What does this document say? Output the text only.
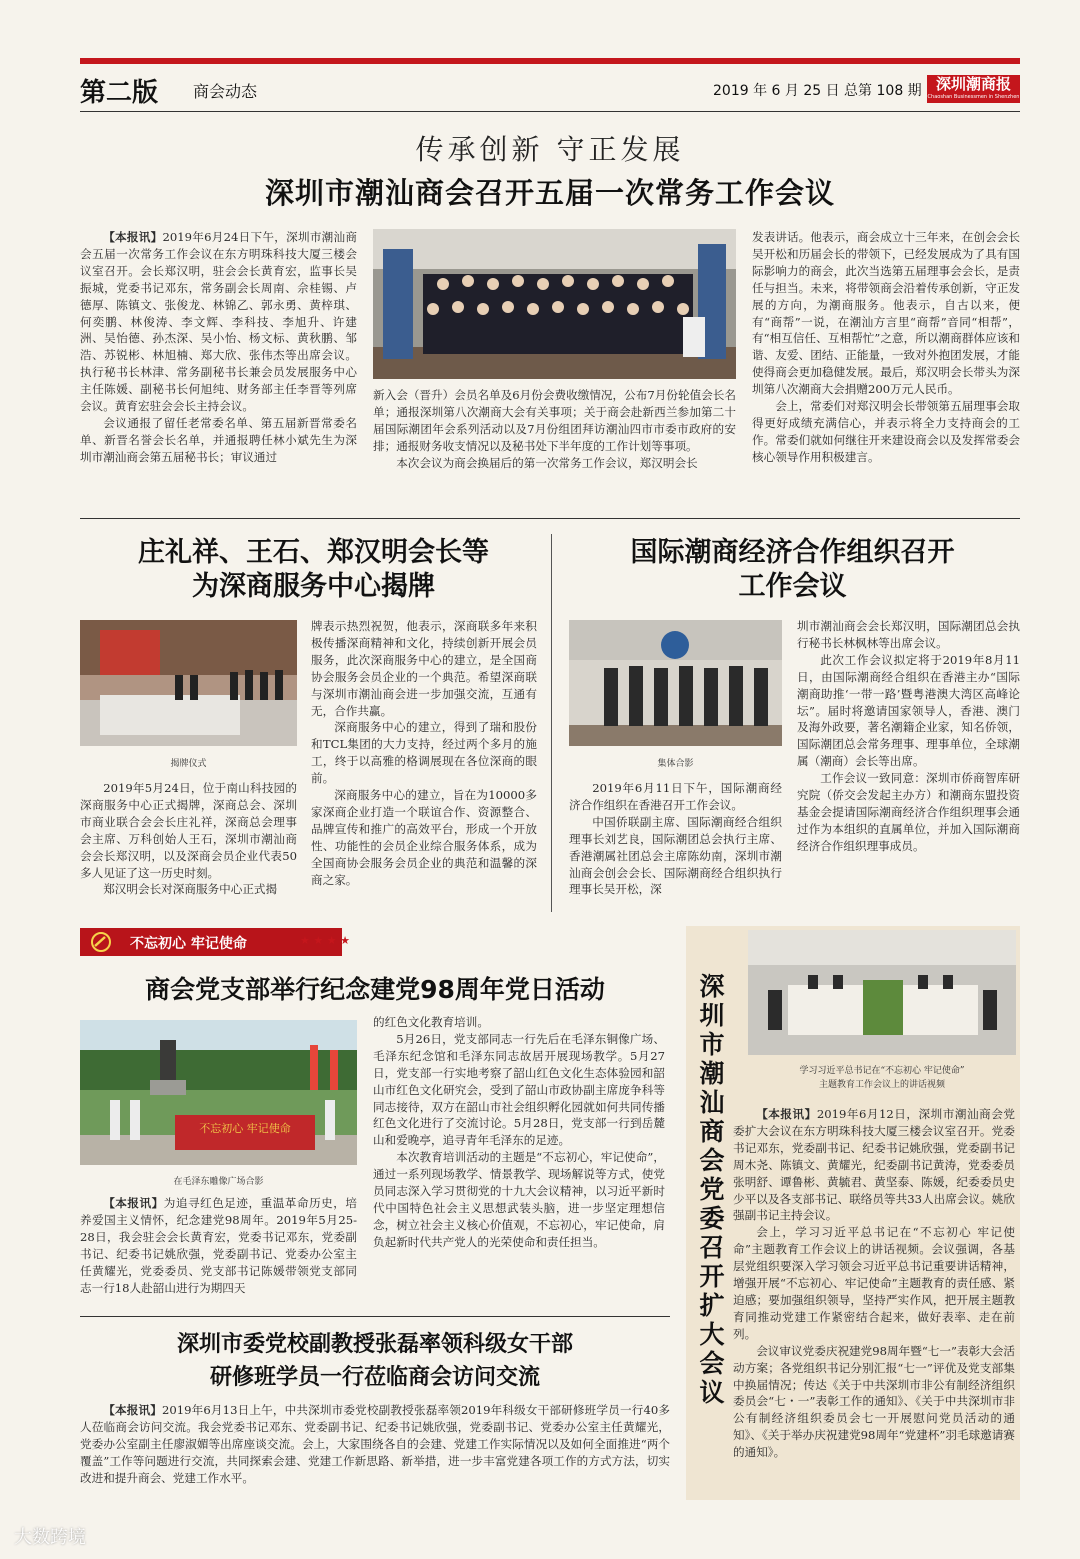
第二版 商会动态	2019 年 6 月 25 日 总第 108 期 深圳潮商报
Chaoshan Businessmen in Shenzhen
传承创新 守正发展
深圳市潮汕商会召开五届一次常务工作会议

【本报讯】2019年6月24日下午，深圳市潮汕商会五届一次常务工作会议在东方明珠科技大厦三楼会议室召开。会长郑汉明，驻会会长黄育宏，监事长吴振城，党委书记邓东，常务副会长周南、佘桂锡、卢德厚、陈镇文、张俊龙、林锦乙、郭永勇、黄梓琪、何奕鹏、林俊涛、李文辉、李科技、李旭升、许建洲、吴怡德、孙杰深、吴小怡、杨文标、黄秋鹏、邹浩、苏锐彬、林旭楠、郑大欣、张伟杰等出席会议。执行秘书长林津、常务副秘书长兼会员发展服务中心主任陈媛、副秘书长何旭纯、财务部主任李晋等列席会议。黄育宏驻会会长主持会议。

会议通报了留任老常委名单、第五届新晋常委名单、新晋名誉会长名单，并通报聘任林小斌先生为深圳市潮汕商会第五届秘书长；审议通过

新入会（晋升）会员名单及6月份会费收缴情况，公布7月份轮值会长名单；通报深圳第八次潮商大会有关事项；关于商会赴新西兰参加第二十届国际潮团年会系列活动以及7月份组团拜访潮汕四市市委市政府的安排；通报财务收支情况以及秘书处下半年度的工作计划等事项。

本次会议为商会换届后的第一次常务工作会议，郑汉明会长

发表讲话。他表示，商会成立十三年来，在创会会长吴开松和历届会长的带领下，已经发展成为了具有国际影响力的商会，此次当选第五届理事会会长，是责任与担当。未来，将带领商会沿着传承创新，守正发展的方向，为潮商服务。他表示，自古以来，便有“商帮”一说，在潮汕方言里“商帮”音同“相帮”，有“相互信任、互相帮忙”之意，所以潮商群体应该和谐、友爱、团结、正能量，一致对外抱团发展，才能使得商会更加稳健发展。最后，郑汉明会长带头为深圳第八次潮商大会捐赠200万元人民币。

会上，常委们对郑汉明会长带领第五届理事会取得更好成绩充满信心，并表示将全力支持商会的工作。常委们就如何继往开来建设商会以及发挥常委会核心领导作用积极建言。

庄礼祥、王石、郑汉明会长等
为深商服务中心揭牌
揭牌仪式

2019年5月24日，位于南山科技园的深商服务中心正式揭牌，深商总会、深圳市商业联合会会长庄礼祥，深商总会理事会主席、万科创始人王石，深圳市潮汕商会会长郑汉明，以及深商会员企业代表50多人见证了这一历史时刻。

郑汉明会长对深商服务中心正式揭

牌表示热烈祝贺，他表示，深商联多年来积极传播深商精神和文化，持续创新开展会员服务，此次深商服务中心的建立，是全国商协会服务会员企业的一个典范。希望深商联与深圳市潮汕商会进一步加强交流，互通有无，合作共赢。

深商服务中心的建立，得到了瑞和股份和TCL集团的大力支持，经过两个多月的施工，终于以高雅的格调展现在各位深商的眼前。

深商服务中心的建立，旨在为10000多家深商企业打造一个联谊合作、资源整合、品牌宣传和推广的高效平台，形成一个开放性、功能性的会员企业综合服务体系，成为全国商协会服务会员企业的典范和温馨的深商之家。

国际潮商经济合作组织召开
工作会议
集体合影

2019年6月11日下午，国际潮商经济合作组织在香港召开工作会议。

中国侨联副主席、国际潮商经合组织理事长刘艺良，国际潮团总会执行主席、香港潮属社团总会主席陈幼南，深圳市潮汕商会创会会长、国际潮商经合组织执行理事长吴开松，深

圳市潮汕商会会长郑汉明，国际潮团总会执行秘书长林枫林等出席会议。

此次工作会议拟定将于2019年8月11日，由国际潮商经合组织在香港主办“国际潮商助推‘一带一路’暨粤港澳大湾区高峰论坛”。届时将邀请国家领导人，香港、澳门及海外政要，著名潮籍企业家，知名侨领，国际潮团总会常务理事、理事单位，全球潮属（潮商）会长等出席。

工作会议一致同意：深圳市侨商智库研究院（侨交会发起主办方）和潮商东盟投资基金会提请国际潮商经济合作组织理事会通过作为本组织的直属单位，并加入国际潮商经济合作组织理事成员。

不忘初心 牢记使命	★ ★ ★ ★
商会党支部举行纪念建党98周年党日活动
不忘初心 牢记使命
在毛泽东雕像广场合影

【本报讯】为追寻红色足迹，重温革命历史，培养爱国主义情怀，纪念建党98周年。2019年5月25-28日，我会驻会会长黄育宏，党委书记邓东，党委副书记、纪委书记姚欣强，党委副书记、党委办公室主任黄耀光，党委委员、党支部书记陈媛带领党支部同志一行18人赴韶山进行为期四天

的红色文化教育培训。

5月26日，党支部同志一行先后在毛泽东铜像广场、毛泽东纪念馆和毛泽东同志故居开展现场教学。5月27日，党支部一行实地考察了韶山红色文化生态体验园和韶山市红色文化研究会，受到了韶山市政协副主席庞争科等同志接待，双方在韶山市社会组织孵化园就如何共同传播红色文化进行了交流讨论。5月28日，党支部一行到岳麓山和爱晚亭，追寻青年毛泽东的足迹。

本次教育培训活动的主题是“不忘初心，牢记使命”，通过一系列现场教学、情景教学、现场解说等方式，使党员同志深入学习贯彻党的十九大会议精神，以习近平新时代中国特色社会主义思想武装头脑，进一步坚定理想信念，树立社会主义核心价值观，不忘初心，牢记使命，肩负起新时代共产党人的光荣使命和责任担当。

深圳市委党校副教授张磊率领科级女干部
研修班学员一行莅临商会访问交流

【本报讯】2019年6月13日上午，中共深圳市委党校副教授张磊率领2019年科级女干部研修班学员一行40多人莅临商会访问交流。我会党委书记邓东、党委副书记、纪委书记姚欣强，党委副书记、党委办公室主任黄耀光，党委办公室副主任廖淑媚等出席座谈交流。会上，大家围绕各自的会建、党建工作实际情况以及如何全面推进“两个覆盖”工作等问题进行交流，共同探索会建、党建工作新思路、新举措，进一步丰富党建各项工作的方式方法，切实改进和提升商会、党建工作水平。

深圳市潮汕商会党委召开扩大会议
学习习近平总书记在“不忘初心 牢记使命”
主题教育工作会议上的讲话视频

【本报讯】2019年6月12日，深圳市潮汕商会党委扩大会议在东方明珠科技大厦三楼会议室召开。党委书记邓东，党委副书记、纪委书记姚欣强，党委副书记周木尧、陈镇文、黄耀光，纪委副书记黄涛，党委委员张明舒、谭鲁彬、黄毓君、黄坚泰、陈媛，纪委委员史少平以及各支部书记、联络员等共33人出席会议。姚欣强副书记主持会议。

会上，学习习近平总书记在“不忘初心 牢记使命”主题教育工作会议上的讲话视频。会议强调，各基层党组织要深入学习领会习近平总书记重要讲话精神，增强开展“不忘初心、牢记使命”主题教育的责任感、紧迫感；要加强组织领导，坚持严实作风，把开展主题教育同推动党建工作紧密结合起来，做好表率、走在前列。

会议审议党委庆祝建党98周年暨“七一”表彰大会活动方案；各党组织书记分别汇报“七一”评优及党支部集中换届情况；传达《关于中共深圳市非公有制经济组织委员会“七・一”表彰工作的通知》、《关于中共深圳市非公有制经济组织委员会七一开展慰问党员活动的通知》、《关于举办庆祝建党98周年“党建杯”羽毛球邀请赛的通知》。

大数跨境
